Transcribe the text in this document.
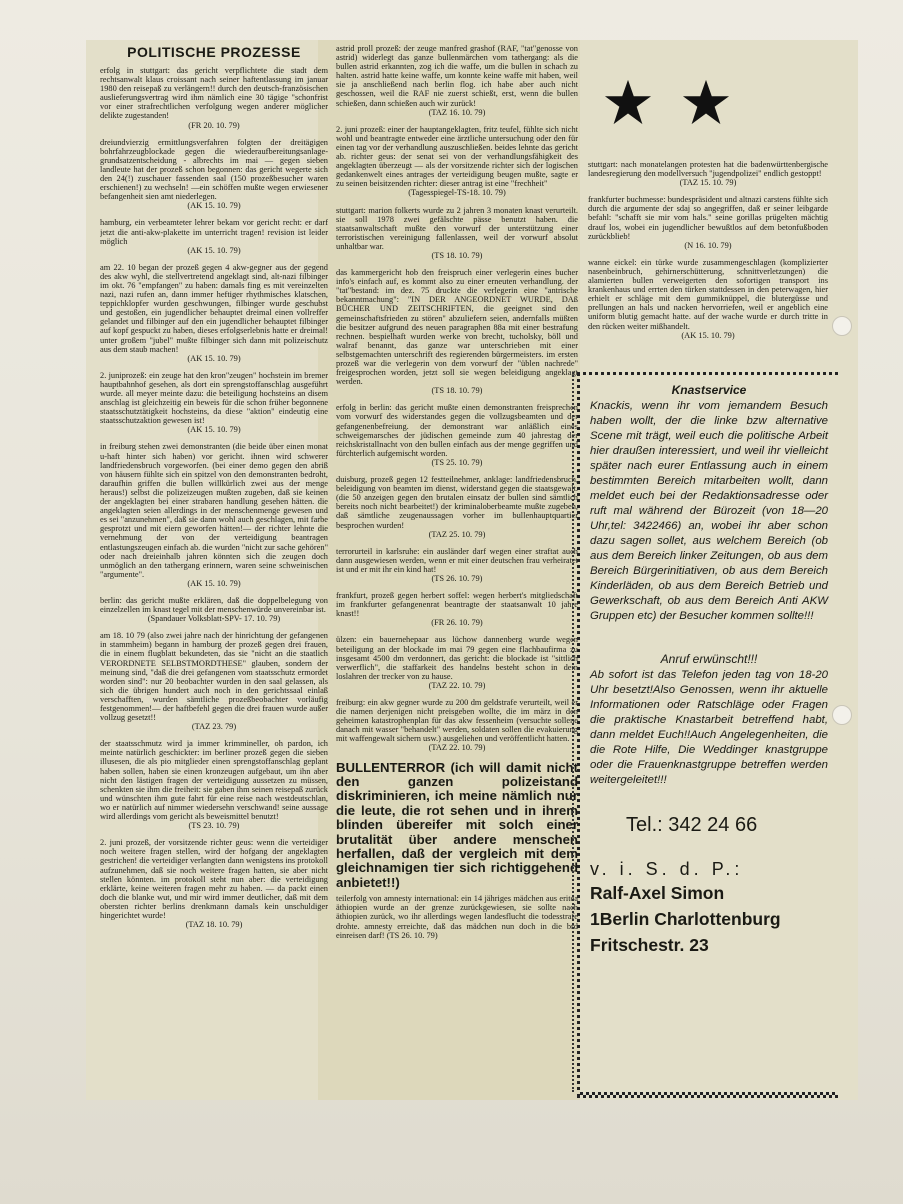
POLITISCHE PROZESSE

erfolg in stuttgart: das gericht verpflichtete die stadt dem rechtsanwalt klaus croissant nach seiner haftentlassung im januar 1980 den reisepaß zu verlängern!! durch den deutsch-französischen auslieferungsvertrag wird ihm nämlich eine 30 tägige "schonfrist vor einer strafrechtlichen verfolgung wegen anderer möglicher delikte zugestanden!
(FR 20. 10. 79)

dreiundvierzig ermittlungsverfahren folgten der dreitägigen bohrfahrzeugblockade gegen die wiederaufbereitungsanlage-grundsatzentscheidung - albrechts im mai — gegen sieben landleute hat der prozeß schon begonnen: das gericht wegerte sich den 24(!) zuschauer fassenden saal (150 prozeßbesucher waren erschienen!) zu wechseln! —ein schöffen mußte wegen erwiesener befangenheit sien amt niederlegen.
(AK 15. 10. 79)

hamburg, ein verbeamteter lehrer bekam vor gericht recht: er darf jetzt die anti-akw-plakette im unterricht tragen! revision ist leider möglich
(AK 15. 10. 79)

am 22. 10 began der prozeß gegen 4 akw-gegner aus der gegend des akw wyhl, die stellvertretend angeklagt sind, alt-nazi filbinger im okt. 76 "empfangen" zu haben: damals fing es mit vereinzelten nazi, nazi rufen an, dann immer heftiger rhythmisches klatschen, teppichklopfer wurden geschwungen, filbinger wurde geschubst und gestoßen, ein jugendlicher behauptet dreimal einen vollreffer gelandet und filbinger auf den ein jugendlicher behauptet filbinger auf kopf gespuckt zu haben, dieses erfolgserlebnis hatte er dreimal! unter großem "jubel" mußte filbinger sich dann mit polizeischutz aus dem staub machen!
(AK 15. 10. 79)

2. juniprozeß: ein zeuge hat den kron"zeugen" hochstein im bremer hauptbahnhof gesehen, als dort ein sprengstoffanschlag ausgeführt wurde. all meyer meinte dazu: die beteiligung hochsteins an disem anschlag ist gleichzeitig ein beweis für die schon früher begonnene staatsschutztätigkeit hochsteins, da diese "aktion" eindeutig eine staatsschutzaktion gewesen ist!
(AK 15. 10. 79)

in freiburg stehen zwei demonstranten (die beide über einen monat u-haft hinter sich haben) vor gericht. ihnen wird schwerer landfriedensbruch vorgeworfen. (bei einer demo gegen den abriß von häusern fühlte sich ein spitzel von den demonstranten bedroht, daraufhin griffen die bullen willkürlich zwei aus der menge heraus!) selbst die polizeizeugen mußten zugeben, daß sie keinen der angeklagten bei einer strabaren handlung gesehen hätten. die angeklagten seien allerdings in der menschenmenge gewesen und es sei "anzunehmen", daß sie dann wohl auch geschlagen, mit farbe gesprotzt und mit eiern geworfen hätten!— der richter lehnte die vernehmung der von der verteidigung beantragen entlastungszeugen einfach ab. die wurden "nicht zur sache gehören" oder nach dreieinhalb jahren könnten sich die zeugen doch unmöglich an den tathergang erinnern, waren seine schweinischen "argumente".
(AK 15. 10. 79)

berlin: das gericht mußte erklären, daß die doppelbelegung von einzelzellen im knast tegel mit der menschenwürde unvereinbar ist.
(Spandauer Volksblatt-SPV- 17. 10. 79)

am 18. 10 79 (also zwei jahre nach der hinrichtung der gefangenen in stammheim) begann in hamburg der prozeß gegen drei frauen, die in einem flugblatt bekundeten, das sie "nicht an die staatlich VERORDNETE SELBSTMORDTHESE" glauben, sondern der meinung sind, "daß die drei gefangenen vom staatsschutz ermordet worden sind": nur 20 beobachter wurden in den saal gelassen, als sich die übrigen hundert auch noch in den gerichtssaal einlaß verschafften, wurden sämtliche prozeßbeobachter vorläufig festgenommen!— der haftbefehl gegen die drei frauen wurde außer vollzug gesetzt!!
(TAZ 23. 79)

der staatsschmutz wird ja immer krimmineller, oh pardon, ich meinte natürlich geschickter: im berliner prozeß gegen die sieben illusesen, die als pio mitglieder einen sprengstoffanschlag geplant haben sollen, haben sie einen kronzeugen aufgebaut, um ihn aber nicht den lästigen fragen der verteidigung aussetzen zu müssen, schenkten sie ihm die freiheit: sie gaben ihm seinen reisepaß zurück und wünschten ihm gute fahrt für eine reise nach westdeutschlan, wo er natürlich auf nimmer wiedersehn verschwand! seine aussage wird allerdings vom gericht als beweismittel benutzt!
(TS 23. 10. 79)

2. juni prozeß, der vorsitzende richter geus: wenn die verteidiger noch weitere fragen stellen, wird der hofgang der angeklagten gestrichen! die verteidiger verlangten dann wenigstens ins protokoll aufzunehmen, daß sie noch weitere fragen hatten, sie aber nicht stellen könnten. im protokoll steht nun aber: die verteidigung erklärte, keine weiteren fragen mehr zu haben. — da packt einen doch die blanke wut, und mir wird immer deutlicher, daß mit dem obersten richter berlins drenkmann damals kein unschuldiger hingerichtet wurde!
(TAZ 18. 10. 79)

astrid proll prozeß: der zeuge manfred grashof (RAF, "tat"genosse von astrid) widerlegt das ganze bullenmärchen vom tathergang: als die bullen astrid erkannten, zog ich die waffe, um die bullen in schach zu halten. astrid hatte keine waffe, um konnte keine waffe mit haben, weil sie ja anschließend nach berlin flog. ich habe aber auch nicht geschossen, weil die RAF nie zuerst schießt, erst, wenn die bullen schießen, dann schießen auch wir zurück!
(TAZ 16. 10. 79)

2. juni prozeß: einer der hauptangeklagten, fritz teufel, fühlte sich nicht wohl und beantragte entweder eine ärztliche untersuchung oder den für einen tag vor der verhandlung auszuschließen. beides lehnte das gericht ab. richter geus: der senat sei von der verhandlungsfähigkeit des angeklagten überzeugt — als der vorsitzende richter sich der logischen gedankenwelt eines antrages der verteidigung beugen mußte, sagte er zu seinen beisitzenden richter: dieser antrag ist eine "frechheit"
(Tagesspiegel-TS-18. 10. 79)

stuttgart: marion folkerts wurde zu 2 jahren 3 monaten knast verurteilt. sie soll 1978 zwei gefälschte pässe benutzt haben. die staatsanwaltschaft mußte den vorwurf der unterstützung einer terroristischen vereinigung fallenlassen, weil der vorwurf absolut unhaltbar war.
(TS 18. 10. 79)

das kammergericht hob den freispruch einer verlegerin eines bucher info's einfach auf, es kommt also zu einer erneuten verhandlung. der "tat"bestand: im dez. 75 druckte die verlegerin eine "antrische bekanntmachung": "IN DER ANGEORDNET WURDE, DAß BÜCHER UND ZEITSCHRIFTEN, die geeignet sind den gemeinschaftsfrieden zu stören" abzuliefern seien, andernfalls müßten die besitzer aufgrund des neuen paragraphen 88a mit einer bestrafung rechnen. bespielhaft wurden werke von brecht, tucholsky, böll und walraf benannt, das ganze war unterschrieben mit einer selbstgemachten unterschrift des regierenden bürgermeisters. im ersten prozeß war die verlegerin von dem vorwurf der "üblen nachrede" freigesprochen worden, jetzt soll sie wegen beleidigung angeklagt werden.
(TS 18. 10. 79)

erfolg in berlin: das gericht mußte einen demonstranten freisprechen vom vorwurf des widerstandes gegen die vollzugsbeamten und der gefangenenbefreiung. der demonstrant war anläßlich eines schweigemarsches der jüdischen gemeinde zum 40 jahrestag der reichskristallnacht von den bullen einfach aus der menge gegriffen und fürchterlich aufgemischt worden.
(TS 25. 10. 79)

duisburg, prozeß gegen 12 festteilnehmer, anklage: landfriedensbruch, beleidigung von beamten im dienst, widerstand gegen die staatsgewalt. (die 50 anzeigen gegen den brutalen einsatz der bullen sind sämtlich bereits noch nicht bearbeitet!) der kriminaloberbeamte mußte zugeben, daß sämtliche zeugenaussagen vorher im bullenhauptquartier besprochen wurden!
(TAZ 25. 10. 79)

terrorurteil in karlsruhe: ein ausländer darf wegen einer straftat auch dann ausgewiesen werden, wenn er mit einer deutschen frau verheiratet ist und er mit ihr ein kind hat!
(TS 26. 10. 79)

frankfurt, prozeß gegen herbert soffel: wegen herbert's mitgliedschaft im frankfurter gefangenenrat beantragte der staatsanwalt 10 jahre knast!!
(FR 26. 10. 79)

ülzen: ein bauernehepaar aus lüchow dannenberg wurde wegen beteiligung an der blockade im mai 79 gegen eine flachbaufirma zu insgesamt 4500 dm verdonnert, das gericht: die blockade ist "sittlich verwerflich", die staffarkeit des handelns besteht schon in dem loslahren der trecker von zu hause.
(TAZ 22. 10. 79)

freiburg: ein akw gegner wurde zu 200 dm geldstrafe verurteilt, weil er die namen derjenigen nicht preisgeben wollte, die im märz in den geheimen katastrophenplan für das akw fessenheim (versuchte sollene danach mit wasser "behandelt" werden, soldaten sollen die evakuierung mit waffengewalt sichern usw.) ausgeliehen und veröffentlicht hatten.
(TAZ 22. 10. 79)

BULLENTERROR (ich will damit nicht den ganzen polizeistand diskriminieren, ich meine nämlich nur die leute, die rot sehen und in ihrem blinden übereifer mit solch einer brutalität über andere menschen herfallen, daß der vergleich mit dem gleichnamigen tier sich richtiggehend anbietet!!)

teilerfolg von amnesty international: ein 14 jähriges mädchen aus eritea äthiopien wurde an der grenze zurückgewiesen, sie sollte nach äthiopien zurück, wo ihr allerdings wegen landesflucht die todesstrafe drohte. amnesty erreichte, daß das mädchen nun doch in die brd einreisen darf! (TS 26. 10. 79)

stuttgart: nach monatelangen protesten hat die badenwürttenbergische landesregierung den modellversuch "jugendpolizei" endlich gestoppt!
(TAZ 15. 10. 79)

frankfurter buchmesse: bundespräsident und altnazi carstens fühlte sich durch die argumente der sdaj so angegriffen, daß er seiner leibgarde befahl: "schafft sie mir vom hals." seine gorillas prügelten mächtig drauf los, wobei ein jugendlicher bewußtlos auf dem betonfußboden zurückblieb!
(N 16. 10. 79)

wanne eickel: ein türke wurde zusammengeschlagen (komplizierter nasenbeinbruch, gehirnerschütterung, schnittverletzungen) die alamierten bullen verweigerten den sofortigen transport ins krankenhaus und errten den türken stattdessen in den peterwagen, hier erhielt er schläge mit dem gummiknüppel, die blutergüsse und prellungen an hals und nacken hervorriefen, weil er angeblich eine uniform blutig gemacht hatte. auf der wache wurde er durch tritte in den rücken weiter mißhandelt.
(AK 15. 10. 79)

Knastservice

Knackis, wenn ihr vom jemandem Besuch haben wollt, der die linke bzw alternative Scene mit trägt, weil euch die politische Arbeit hier draußen interessiert, und weil ihr vielleicht später nach eurer Entlassung auch in einem bestimmten Bereich mitarbeiten wollt, dann meldet euch bei der Redaktionsadresse oder ruft mal während der Bürozeit (von 18—20 Uhr,tel: 3422466) an, wobei ihr aber schon dazu sagen sollet, aus welchem Bereich (ob aus dem Bereich linker Zeitungen, ob aus dem Bereich Bürgerinitiativen, ob aus dem Bereich Kinderläden, ob aus dem Bereich Betrieb und Gewerkschaft, ob aus dem Bereich Anti AKW Gruppen etc) der Besucher kommen sollte!!!

Anruf erwünscht!!!

Ab sofort ist das Telefon jeden tag von 18-20 Uhr besetzt!Also Genossen, wenn ihr aktuelle Informationen oder Ratschläge oder Fragen die praktische Knastarbeit betreffend habt, dann meldet Euch!!Auch Angelegenheiten, die die Rote Hilfe, Die Weddinger knastgruppe oder die Frauenknastgruppe betreffen werden weitergeleitet!!!

Tel.: 342 24 66
v. i. S. d. P.:

Ralf-Axel Simon

1Berlin Charlottenburg

Fritschestr. 23
